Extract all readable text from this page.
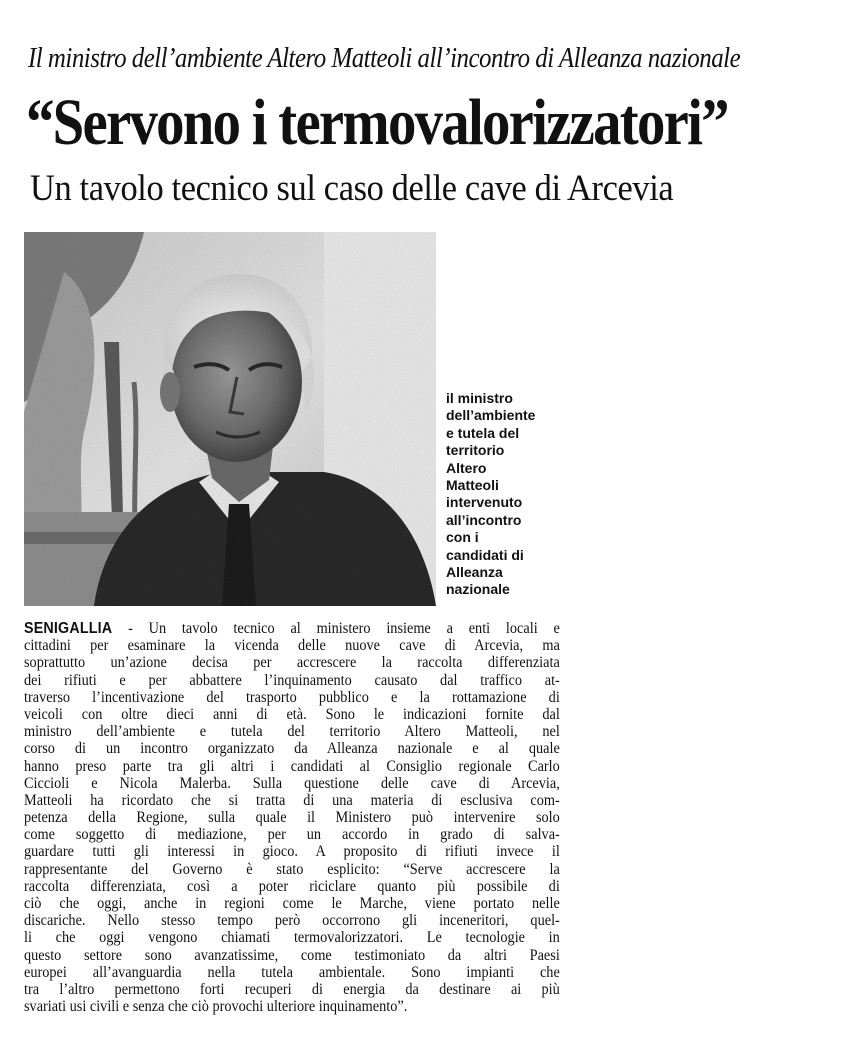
Il ministro dell’ambiente Altero Matteoli all’incontro di Alleanza nazionale
“Servono i termovalorizzatori”
Un tavolo tecnico sul caso delle cave di Arcevia
il ministro
dell’ambiente
e tutela del
territorio
Altero
Matteoli
intervenuto
all’incontro
con i
candidati di
Alleanza
nazionale
SENIGALLIA - Un tavolo tecnico al ministero insieme a enti locali e
cittadini per esaminare la vicenda delle nuove cave di Arcevia, ma
soprattutto un’azione decisa per accrescere la raccolta differenziata
dei rifiuti e per abbattere l’inquinamento causato dal traffico at-
traverso l’incentivazione del trasporto pubblico e la rottamazione di
veicoli con oltre dieci anni di età. Sono le indicazioni fornite dal
ministro dell’ambiente e tutela del territorio Altero Matteoli, nel
corso di un incontro organizzato da Alleanza nazionale e al quale
hanno preso parte tra gli altri i candidati al Consiglio regionale Carlo
Ciccioli e Nicola Malerba. Sulla questione delle cave di Arcevia,
Matteoli ha ricordato che si tratta di una materia di esclusiva com-
petenza della Regione, sulla quale il Ministero può intervenire solo
come soggetto di mediazione, per un accordo in grado di salva-
guardare tutti gli interessi in gioco. A proposito di rifiuti invece il
rappresentante del Governo è stato esplicito: “Serve accrescere la
raccolta differenziata, così a poter riciclare quanto più possibile di
ciò che oggi, anche in regioni come le Marche, viene portato nelle
discariche. Nello stesso tempo però occorrono gli inceneritori, quel-
li che oggi vengono chiamati termovalorizzatori. Le tecnologie in
questo settore sono avanzatissime, come testimoniato da altri Paesi
europei all’avanguardia nella tutela ambientale. Sono impianti che
tra l’altro permettono forti recuperi di energia da destinare ai più
svariati usi civili e senza che ciò provochi ulteriore inquinamento”.
